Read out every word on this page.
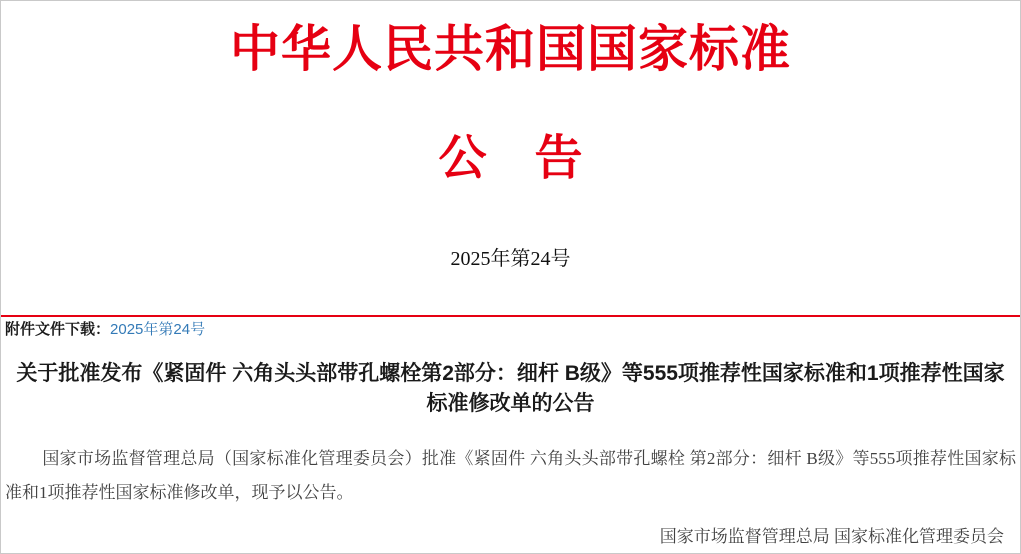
中华人民共和国国家标准
公　告
2025年第24号
附件文件下载：2025年第24号
关于批准发布《紧固件 六角头头部带孔螺栓第2部分：细杆 B级》等555项推荐性国家标准和1项推荐性国家标准修改单的公告

国家市场监督管理总局（国家标准化管理委员会）批准《紧固件 六角头头部带孔螺栓 第2部分：细杆 B级》等555项推荐性国家标准和1项推荐性国家标准修改单，现予以公告。

国家市场监督管理总局 国家标准化管理委员会
